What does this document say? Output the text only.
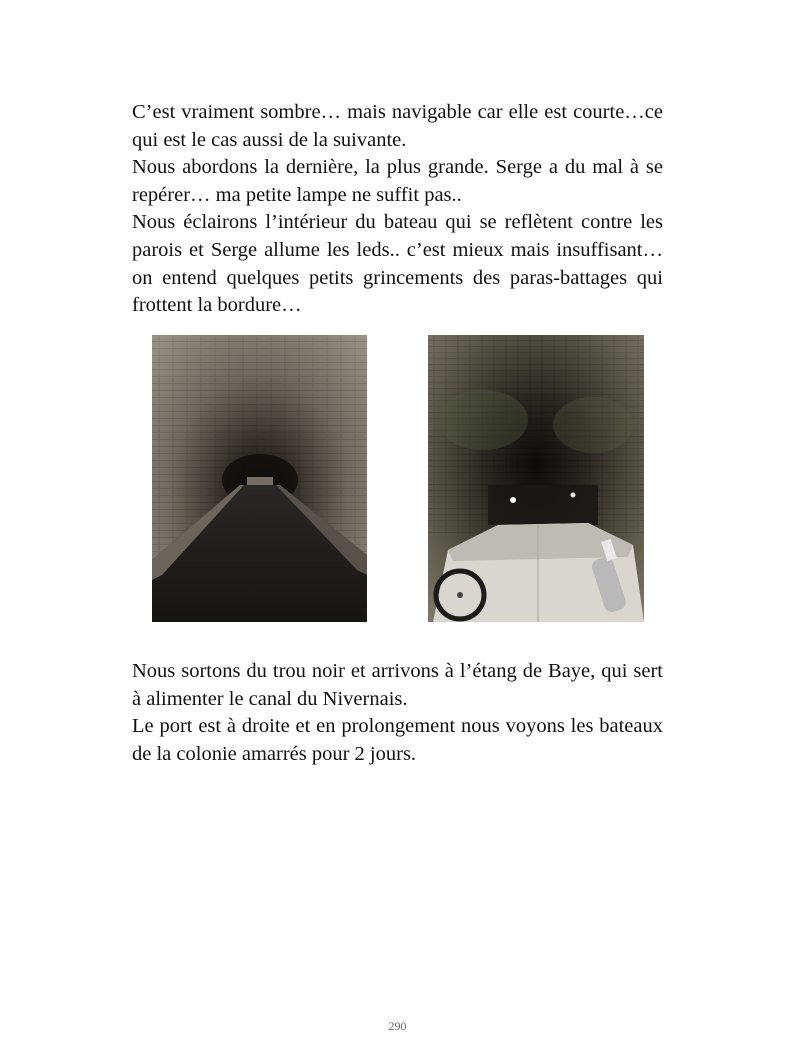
C’est vraiment sombre… mais navigable car elle est courte…ce qui est le cas aussi de la suivante.

Nous abordons la dernière, la plus grande. Serge a du mal à se repérer… ma petite lampe ne suffit pas..

Nous éclairons l’intérieur du bateau qui se reflètent contre les parois et Serge allume les leds.. c’est mieux mais insuffisant… on entend quelques petits grincements des paras-battages qui frottent la bordure…

Nous sortons du trou noir et arrivons à l’étang de Baye, qui sert à alimenter le canal du Nivernais.

Le port est à droite et en prolongement nous voyons les bateaux de la colonie amarrés pour 2 jours.

290
